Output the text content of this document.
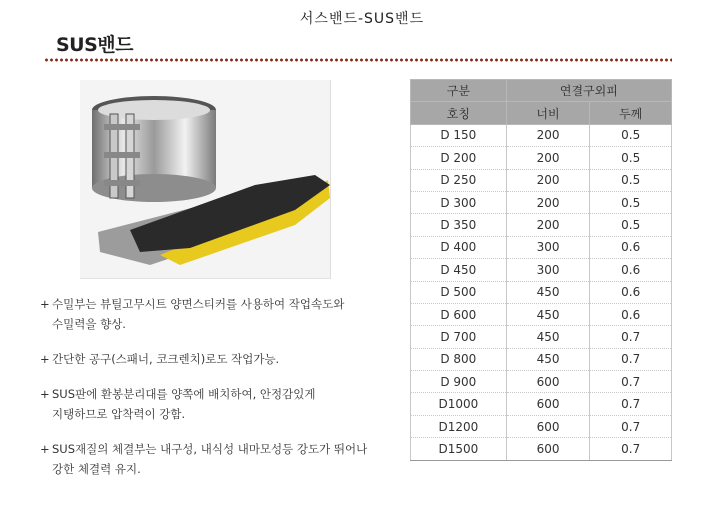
서스밴드-SUS밴드
SUS밴드
+ 수밀부는 뷰틸고무시트 양면스티커를 사용하여 작업속도와
수밀력을 향상.
+ 간단한 공구(스패너, 코크렌치)로도 작업가능.
+ SUS판에 환봉분리대를 양쪽에 배치하여, 안정감있게
지탱하므로 압착력이 강함.
+ SUS재질의 체결부는 내구성, 내식성 내마모성등 강도가 뛰어나
강한 체결력 유지.
구분	연결구외피	
호칭	너비	두께
D 150	200	0.5
D 200	200	0.5
D 250	200	0.5
D 300	200	0.5
D 350	200	0.5
D 400	300	0.6
D 450	300	0.6
D 500	450	0.6
D 600	450	0.6
D 700	450	0.7
D 800	450	0.7
D 900	600	0.7
D1000	600	0.7
D1200	600	0.7
D1500	600	0.7
